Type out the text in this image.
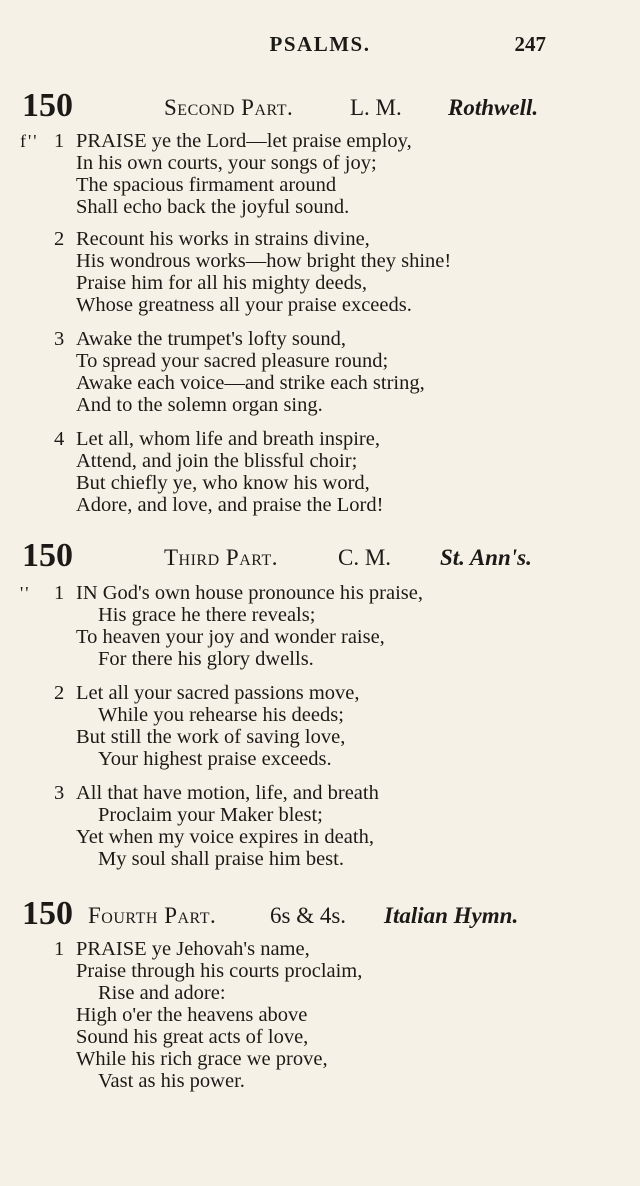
PSALMS.	247
150	Second Part. L. M. Rothwell.
f'' 1 PRAISE ye the Lord—let praise employ,
In his own courts, your songs of joy;
The spacious firmament around
Shall echo back the joyful sound.
2 Recount his works in strains divine,
His wondrous works—how bright they shine!
Praise him for all his mighty deeds,
Whose greatness all your praise exceeds.
3 Awake the trumpet's lofty sound,
To spread your sacred pleasure round;
Awake each voice—and strike each string,
And to the solemn organ sing.
4 Let all, whom life and breath inspire,
Attend, and join the blissful choir;
But chiefly ye, who know his word,
Adore, and love, and praise the Lord!
150	Third Part.	C. M. St. Ann's.
'' 1 IN God's own house pronounce his praise,
His grace he there reveals;
To heaven your joy and wonder raise,
For there his glory dwells.
2 Let all your sacred passions move,
While you rehearse his deeds;
But still the work of saving love,
Your highest praise exceeds.
3 All that have motion, life, and breath
Proclaim your Maker blest;
Yet when my voice expires in death,
My soul shall praise him best.
150 Fourth Part. 6s & 4s. Italian Hymn.
1 PRAISE ye Jehovah's name,
Praise through his courts proclaim,
Rise and adore:
High o'er the heavens above
Sound his great acts of love,
While his rich grace we prove,
Vast as his power.
